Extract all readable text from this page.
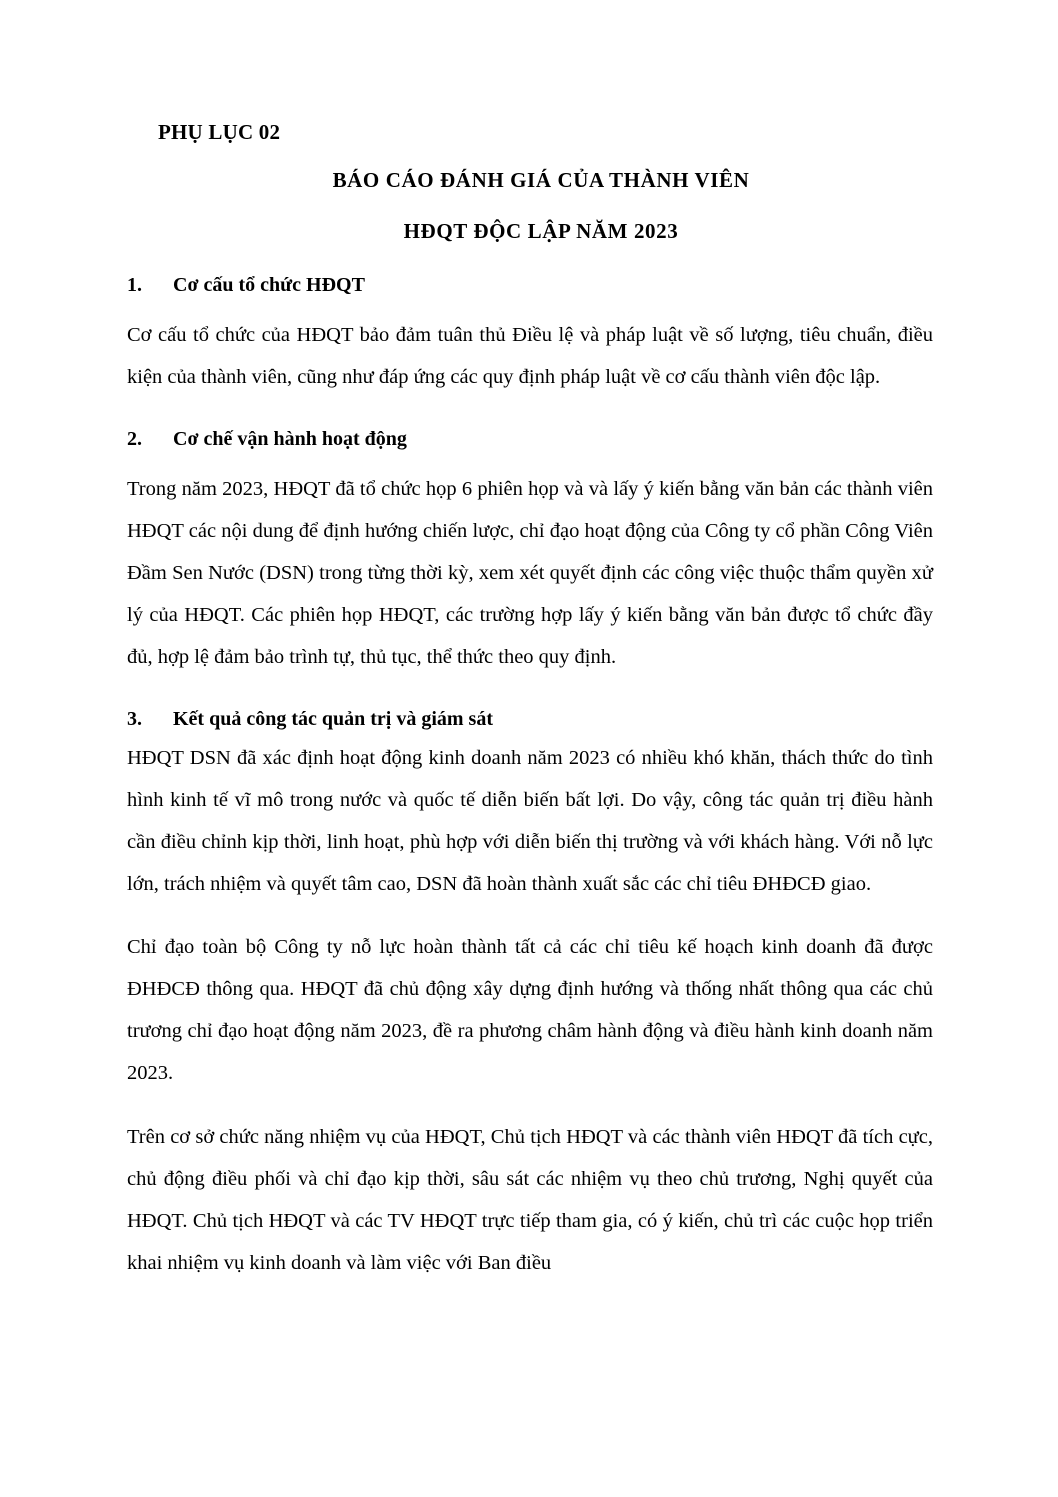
PHỤ LỤC 02
BÁO CÁO ĐÁNH GIÁ CỦA THÀNH VIÊN
HĐQT ĐỘC LẬP NĂM 2023
1.	Cơ cấu tổ chức HĐQT

Cơ cấu tổ chức của HĐQT bảo đảm tuân thủ Điều lệ và pháp luật về số lượng, tiêu chuẩn, điều kiện của thành viên, cũng như đáp ứng các quy định pháp luật về cơ cấu thành viên độc lập.

2.	Cơ chế vận hành hoạt động

Trong năm 2023, HĐQT đã tổ chức họp 6 phiên họp và và lấy ý kiến bằng văn bản các thành viên HĐQT các nội dung để định hướng chiến lược, chỉ đạo hoạt động của Công ty cổ phần Công Viên Đầm Sen Nước (DSN) trong từng thời kỳ, xem xét quyết định các công việc thuộc thẩm quyền xử lý của HĐQT. Các phiên họp HĐQT, các trường hợp lấy ý kiến bằng văn bản được tổ chức đầy đủ, hợp lệ đảm bảo trình tự, thủ tục, thể thức theo quy định.

3.	Kết quả công tác quản trị và giám sát

HĐQT DSN đã xác định hoạt động kinh doanh năm 2023 có nhiều khó khăn, thách thức do tình hình kinh tế vĩ mô trong nước và quốc tế diễn biến bất lợi. Do vậy, công tác quản trị điều hành cần điều chỉnh kịp thời, linh hoạt, phù hợp với diễn biến thị trường và với khách hàng. Với nỗ lực lớn, trách nhiệm và quyết tâm cao, DSN đã hoàn thành xuất sắc các chỉ tiêu ĐHĐCĐ giao.

Chỉ đạo toàn bộ Công ty nỗ lực hoàn thành tất cả các chỉ tiêu kế hoạch kinh doanh đã được ĐHĐCĐ thông qua. HĐQT đã chủ động xây dựng định hướng và thống nhất thông qua các chủ trương chỉ đạo hoạt động năm 2023, đề ra phương châm hành động và điều hành kinh doanh năm 2023.

Trên cơ sở chức năng nhiệm vụ của HĐQT, Chủ tịch HĐQT và các thành viên HĐQT đã tích cực, chủ động điều phối và chỉ đạo kịp thời, sâu sát các nhiệm vụ theo chủ trương, Nghị quyết của HĐQT. Chủ tịch HĐQT và các TV HĐQT trực tiếp tham gia, có ý kiến, chủ trì các cuộc họp triển khai nhiệm vụ kinh doanh và làm việc với Ban điều
